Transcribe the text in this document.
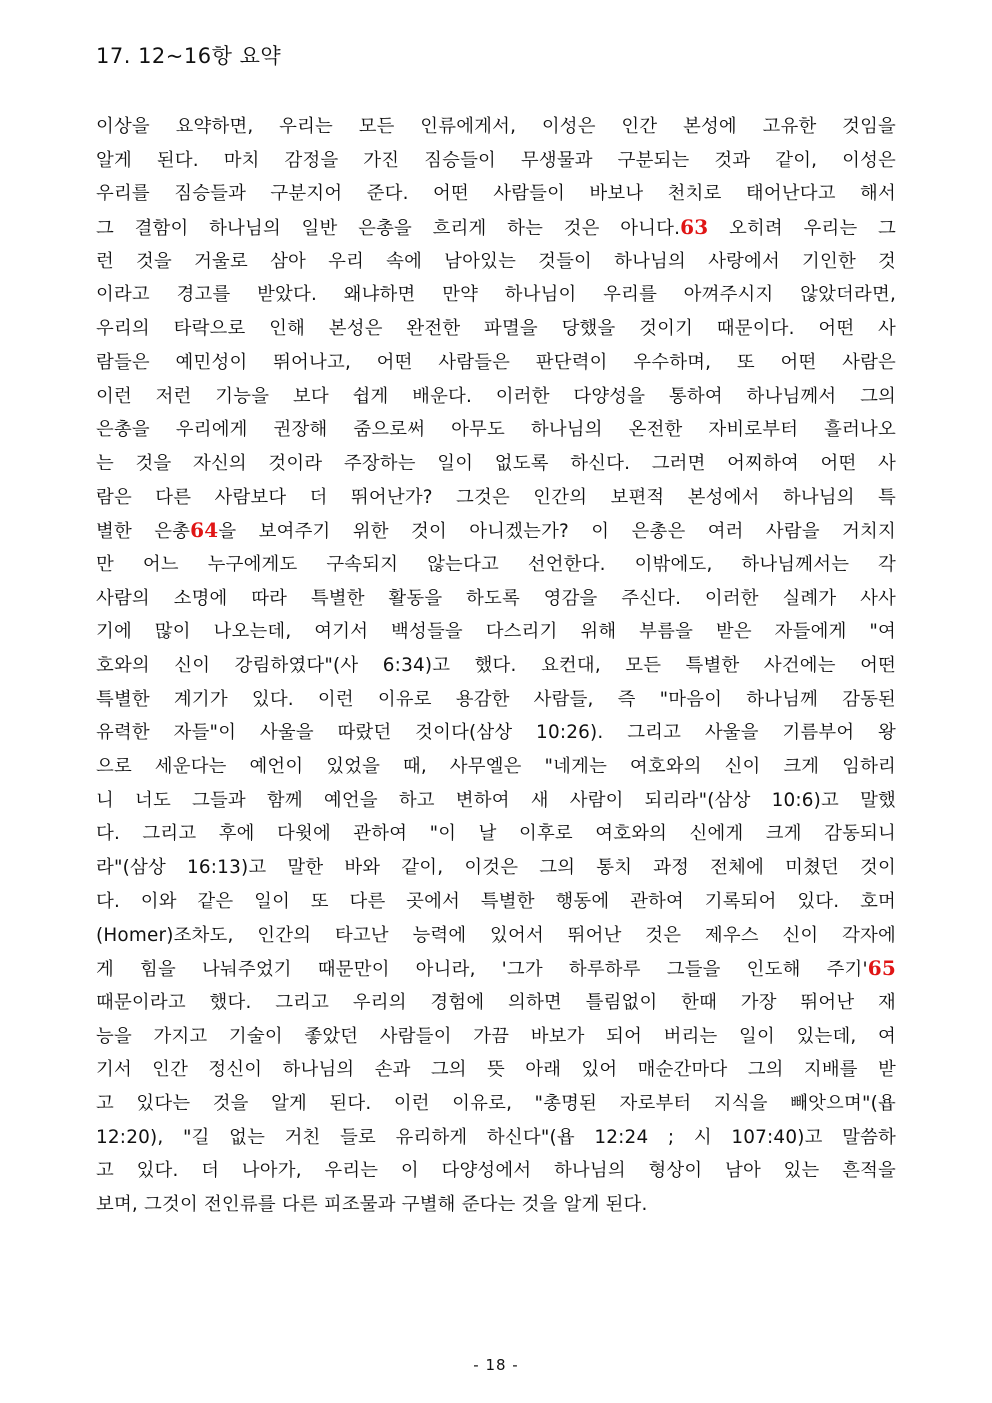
17. 12~16항 요약
이상을 요약하면, 우리는 모든 인류에게서, 이성은 인간 본성에 고유한 것임을
알게 된다. 마치 감정을 가진 짐승들이 무생물과 구분되는 것과 같이, 이성은
우리를 짐승들과 구분지어 준다. 어떤 사람들이 바보나 천치로 태어난다고 해서
그 결함이 하나님의 일반 은총을 흐리게 하는 것은 아니다.63 오히려 우리는 그
런 것을 거울로 삼아 우리 속에 남아있는 것들이 하나님의 사랑에서 기인한 것
이라고 경고를 받았다. 왜냐하면 만약 하나님이 우리를 아껴주시지 않았더라면,
우리의 타락으로 인해 본성은 완전한 파멸을 당했을 것이기 때문이다. 어떤 사
람들은 예민성이 뛰어나고, 어떤 사람들은 판단력이 우수하며, 또 어떤 사람은
이런 저런 기능을 보다 쉽게 배운다. 이러한 다양성을 통하여 하나님께서 그의
은총을 우리에게 권장해 줌으로써 아무도 하나님의 온전한 자비로부터 흘러나오
는 것을 자신의 것이라 주장하는 일이 없도록 하신다. 그러면 어찌하여 어떤 사
람은 다른 사람보다 더 뛰어난가? 그것은 인간의 보편적 본성에서 하나님의 특
별한 은총64을 보여주기 위한 것이 아니겠는가? 이 은총은 여러 사람을 거치지
만 어느 누구에게도 구속되지 않는다고 선언한다. 이밖에도, 하나님께서는 각
사람의 소명에 따라 특별한 활동을 하도록 영감을 주신다. 이러한 실례가 사사
기에 많이 나오는데, 여기서 백성들을 다스리기 위해 부름을 받은 자들에게 "여
호와의 신이 강림하였다"(사 6:34)고 했다. 요컨대, 모든 특별한 사건에는 어떤
특별한 계기가 있다. 이런 이유로 용감한 사람들, 즉 "마음이 하나님께 감동된
유력한 자들"이 사울을 따랐던 것이다(삼상 10:26). 그리고 사울을 기름부어 왕
으로 세운다는 예언이 있었을 때, 사무엘은 "네게는 여호와의 신이 크게 임하리
니 너도 그들과 함께 예언을 하고 변하여 새 사람이 되리라"(삼상 10:6)고 말했
다. 그리고 후에 다윗에 관하여 "이 날 이후로 여호와의 신에게 크게 감동되니
라"(삼상 16:13)고 말한 바와 같이, 이것은 그의 통치 과정 전체에 미쳤던 것이
다. 이와 같은 일이 또 다른 곳에서 특별한 행동에 관하여 기록되어 있다. 호머
(Homer)조차도, 인간의 타고난 능력에 있어서 뛰어난 것은 제우스 신이 각자에
게 힘을 나눠주었기 때문만이 아니라, '그가 하루하루 그들을 인도해 주기'65
때문이라고 했다. 그리고 우리의 경험에 의하면 틀림없이 한때 가장 뛰어난 재
능을 가지고 기술이 좋았던 사람들이 가끔 바보가 되어 버리는 일이 있는데, 여
기서 인간 정신이 하나님의 손과 그의 뜻 아래 있어 매순간마다 그의 지배를 받
고 있다는 것을 알게 된다. 이런 이유로, "총명된 자로부터 지식을 빼앗으며"(욥
12:20), "길 없는 거친 들로 유리하게 하신다"(욥 12:24 ; 시 107:40)고 말씀하
고 있다. 더 나아가, 우리는 이 다양성에서 하나님의 형상이 남아 있는 흔적을
보며, 그것이 전인류를 다른 피조물과 구별해 준다는 것을 알게 된다.
- 18 -
